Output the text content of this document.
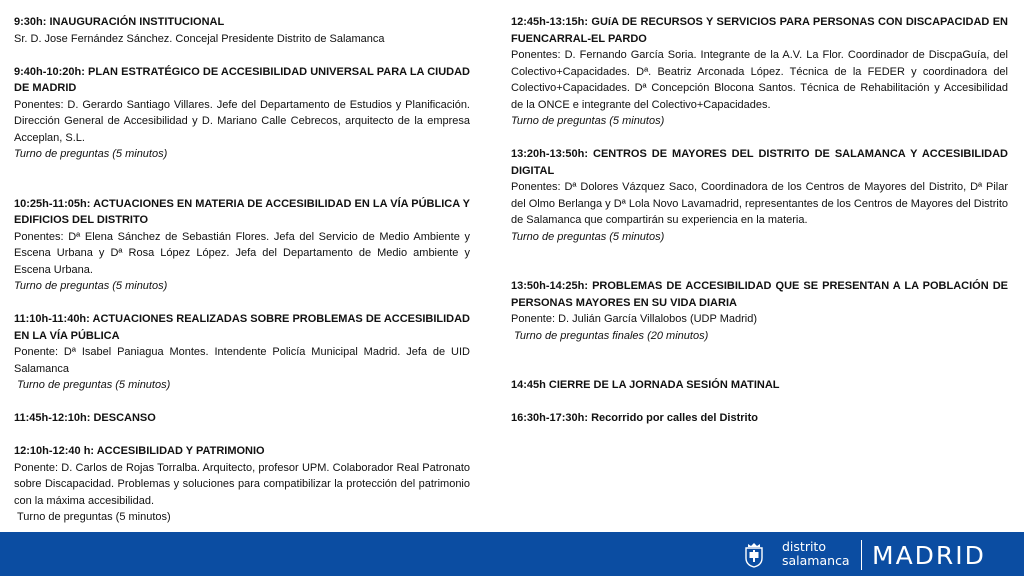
9:30h: INAUGURACIÓN INSTITUCIONAL

Sr. D. Jose Fernández Sánchez. Concejal Presidente Distrito de Salamanca

9:40h-10:20h: PLAN ESTRATÉGICO DE ACCESIBILIDAD UNIVERSAL PARA LA CIUDAD DE MADRID

Ponentes: D. Gerardo Santiago Villares. Jefe del Departamento de Estudios y Planificación. Dirección General de Accesibilidad y D. Mariano Calle Cebrecos, arquitecto de la empresa Acceplan, S.L.

Turno de preguntas (5 minutos)

10:25h-11:05h: ACTUACIONES EN MATERIA DE ACCESIBILIDAD EN LA VÍA PÚBLICA Y EDIFICIOS DEL DISTRITO

Ponentes: Dª Elena Sánchez de Sebastián Flores. Jefa del Servicio de Medio Ambiente y Escena Urbana y Dª Rosa López López. Jefa del Departamento de Medio ambiente y Escena Urbana.

Turno de preguntas (5 minutos)

11:10h-11:40h: ACTUACIONES REALIZADAS SOBRE PROBLEMAS DE ACCESIBILIDAD EN LA VÍA PÚBLICA

Ponente: Dª Isabel Paniagua Montes. Intendente Policía Municipal Madrid. Jefa de UID Salamanca

Turno de preguntas (5 minutos)

11:45h-12:10h: DESCANSO

12:10h-12:40 h: ACCESIBILIDAD Y PATRIMONIO

Ponente: D. Carlos de Rojas Torralba. Arquitecto, profesor UPM. Colaborador Real Patronato sobre Discapacidad. Problemas y soluciones para compatibilizar la protección del patrimonio con la máxima accesibilidad.

Turno de preguntas (5 minutos)

12:45h-13:15h: GUíA DE RECURSOS Y SERVICIOS PARA PERSONAS CON DISCAPACIDAD EN FUENCARRAL-EL PARDO

Ponentes: D. Fernando García Soria. Integrante de la A.V. La Flor. Coordinador de DiscpaGuía, del Colectivo+Capacidades. Dª. Beatriz Arconada López. Técnica de la FEDER y coordinadora del Colectivo+Capacidades. Dª Concepción Blocona Santos. Técnica de Rehabilitación y Accesibilidad de la ONCE e integrante del Colectivo+Capacidades.

Turno de preguntas (5 minutos)

13:20h-13:50h: CENTROS DE MAYORES DEL DISTRITO DE SALAMANCA Y ACCESIBILIDAD DIGITAL

Ponentes: Dª Dolores Vázquez Saco, Coordinadora de los Centros de Mayores del Distrito, Dª Pilar del Olmo Berlanga y Dª Lola Novo Lavamadrid, representantes de los Centros de Mayores del Distrito de Salamanca que compartirán su experiencia en la materia.

Turno de preguntas (5 minutos)

13:50h-14:25h: PROBLEMAS DE ACCESIBILIDAD QUE SE PRESENTAN A LA POBLACIÓN DE PERSONAS MAYORES EN SU VIDA DIARIA

Ponente: D. Julián García Villalobos (UDP Madrid)

Turno de preguntas finales (20 minutos)

14:45h CIERRE DE LA JORNADA SESIÓN MATINAL

16:30h-17:30h: Recorrido por calles del Distrito

distrito
salamanca MADRID
